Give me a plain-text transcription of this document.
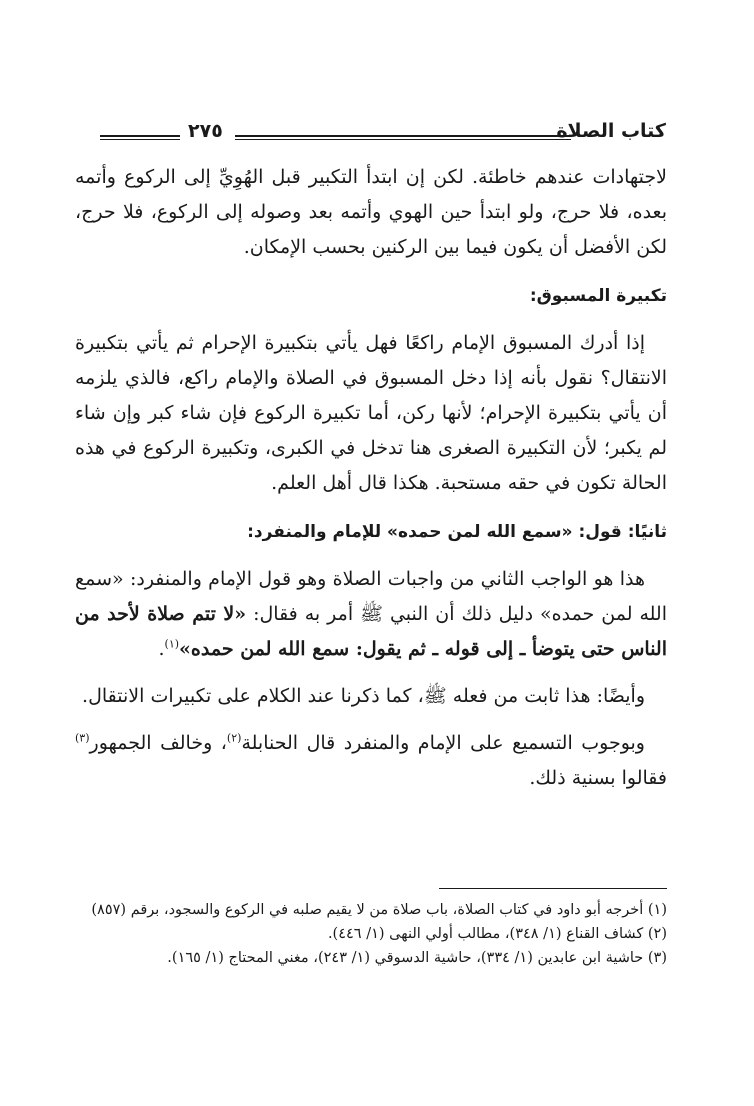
كتاب الصلاة
٢٧٥

لاجتهادات عندهم خاطئة. لكن إن ابتدأ التكبير قبل الهُوِيِّ إلى الركوع وأتمه بعده، فلا حرج، ولو ابتدأ حين الهوي وأتمه بعد وصوله إلى الركوع، فلا حرج، لكن الأفضل أن يكون فيما بين الركنين بحسب الإمكان.

تكبيرة المسبوق:

إذا أدرك المسبوق الإمام راكعًا فهل يأتي بتكبيرة الإحرام ثم يأتي بتكبيرة الانتقال؟ نقول بأنه إذا دخل المسبوق في الصلاة والإمام راكع، فالذي يلزمه أن يأتي بتكبيرة الإحرام؛ لأنها ركن، أما تكبيرة الركوع فإن شاء كبر وإن شاء لم يكبر؛ لأن التكبيرة الصغرى هنا تدخل في الكبرى، وتكبيرة الركوع في هذه الحالة تكون في حقه مستحبة. هكذا قال أهل العلم.

ثانيًا: قول: «سمع الله لمن حمده» للإمام والمنفرد:

هذا هو الواجب الثاني من واجبات الصلاة وهو قول الإمام والمنفرد: «سمع الله لمن حمده» دليل ذلك أن النبي ﷺ أمر به فقال: «لا تتم صلاة لأحد من الناس حتى يتوضأ ـ إلى قوله ـ ثم يقول: سمع الله لمن حمده»$^{(١)}$.

وأيضًا: هذا ثابت من فعله ﷺ، كما ذكرنا عند الكلام على تكبيرات الانتقال.

وبوجوب التسميع على الإمام والمنفرد قال الحنابلة$^{(٢)}$، وخالف الجمهور$^{(٣)}$ فقالوا بسنية ذلك.

(١) أخرجه أبو داود في كتاب الصلاة، باب صلاة من لا يقيم صلبه في الركوع والسجود، برقم (٨٥٧)

(٢) كشاف القناع (١/ ٣٤٨)، مطالب أولي النهى (١/ ٤٤٦).

(٣) حاشية ابن عابدين (١/ ٣٣٤)، حاشية الدسوقي (١/ ٢٤٣)، مغني المحتاج (١/ ١٦٥).
